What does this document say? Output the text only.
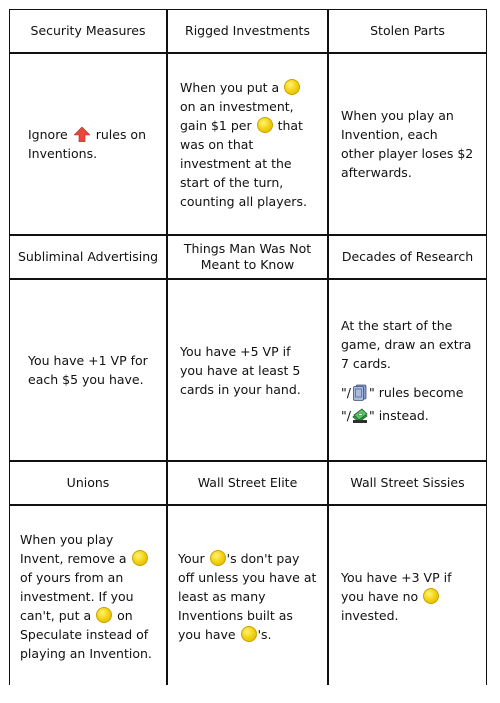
Security Measures

Ignore rules on Inventions.

Rigged Investments

When you put a  on an investment, gain $1 per that was on that investment at the start of the turn, counting all players.

Stolen Parts

When you play an Invention, each other player loses $2 afterwards.

Subliminal Advertising

You have +1 VP for each $5 you have.

Things Man Was Not Meant to Know

You have +5 VP if you have at least 5 cards in your hand.

Decades of Research

At the start of the game, draw an extra 7 cards.

"/ " rules become

"/ " instead.

Unions

When you play Invent, remove a  of yours from an investment. If you can't, put a on Speculate instead of playing an Invention.

Wall Street Elite

Your 's don't pay off unless you have at least as many Inventions built as you have 's.

Wall Street Sissies

You have +3 VP if you have no  invested.
